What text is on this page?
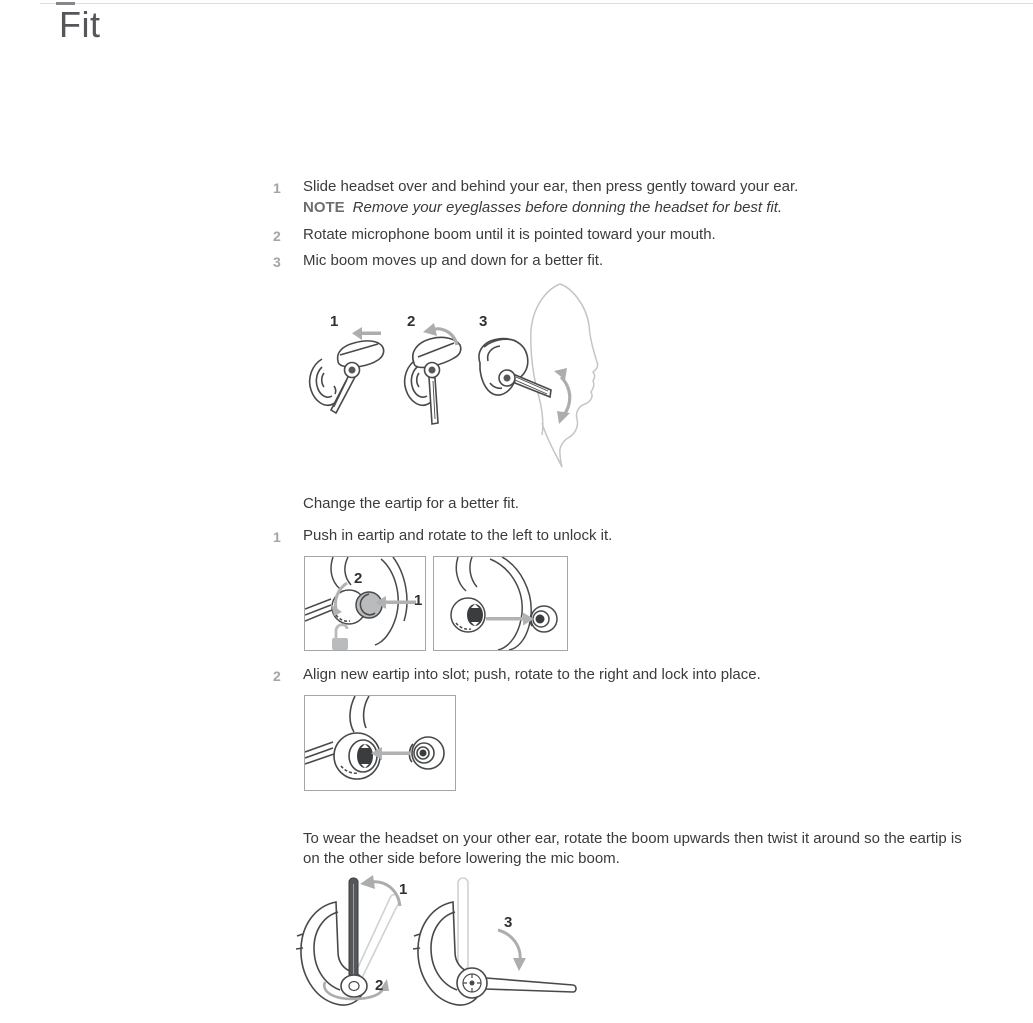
Fit
1 Slide headset over and behind your ear, then press gently toward your ear.
NOTE Remove your eyeglasses before donning the headset for best fit.
2 Rotate microphone boom until it is pointed toward your mouth.
3 Mic boom moves up and down for a better fit.
1	2	3
Change the eartip for a better fit.
1 Push in eartip and rotate to the left to unlock it.
2
1
2 Align new eartip into slot; push, rotate to the right and lock into place.
To wear the headset on your other ear, rotate the boom upwards then twist it around so the eartip is on the other side before lowering the mic boom.
1
2
3
